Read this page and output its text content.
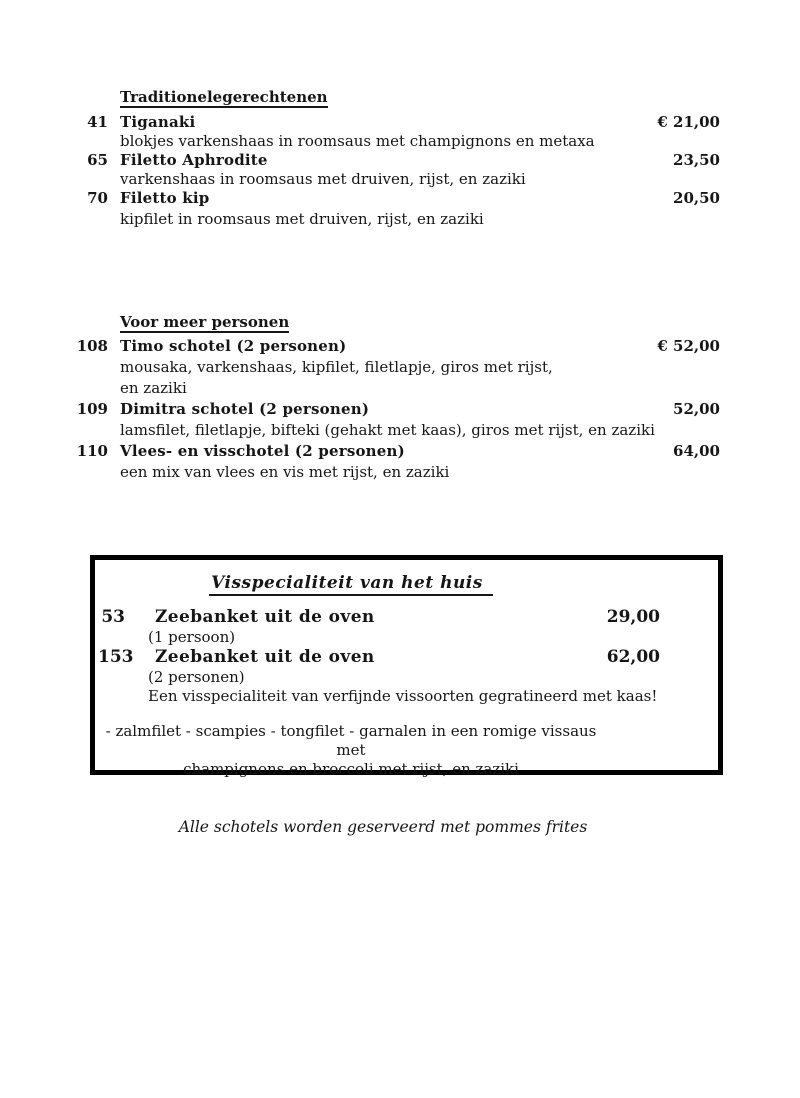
Traditionelegerechtenen
41 Tiganaki	€ 21,00
blokjes varkenshaas in roomsaus met champignons en metaxa
65 Filetto Aphrodite	23,50
varkenshaas in roomsaus met druiven, rijst, en zaziki
70 Filetto kip	20,50
kipfilet in roomsaus met druiven, rijst, en zaziki
Voor meer personen
108 Timo schotel (2 personen)	€ 52,00
mousaka, varkenshaas, kipfilet, filetlapje, giros met rijst,
en zaziki
109 Dimitra schotel (2 personen)	52,00
lamsfilet, filetlapje, bifteki (gehakt met kaas), giros met rijst, en zaziki
110 Vlees- en visschotel (2 personen)	64,00
een mix van vlees en vis met rijst, en zaziki
Visspecialiteit van het huis
53 Zeebanket uit de oven	29,00
(1 persoon)
153 Zeebanket uit de oven	62,00
(2 personen)
Een visspecialiteit van verfijnde vissoorten gegratineerd met kaas!
- zalmfilet - scampies - tongfilet - garnalen in een romige vissaus met
champignons en broccoli met rijst, en zaziki
Alle schotels worden geserveerd met pommes frites
